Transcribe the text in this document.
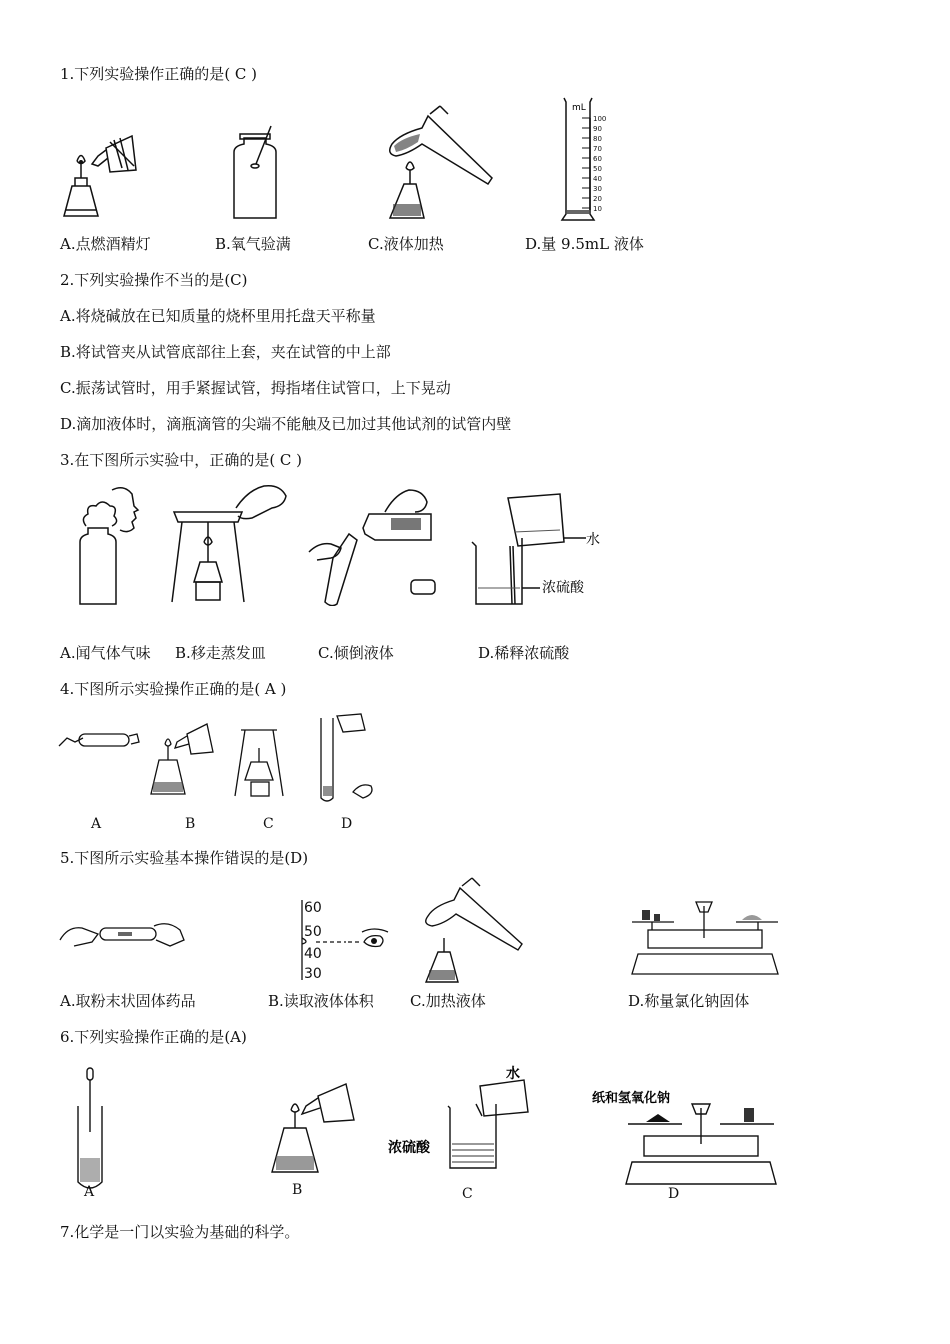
1.下列实验操作正确的是( C )
mL
100
90
80
70
60
50
40
30
20
10
A.点燃酒精灯	B.氧气验满	C.液体加热	D.量 9.5mL 液体
2.下列实验操作不当的是(C)
A.将烧碱放在已知质量的烧杯里用托盘天平称量
B.将试管夹从试管底部往上套，夹在试管的中上部
C.振荡试管时，用手紧握试管，拇指堵住试管口，上下晃动
D.滴加液体时，滴瓶滴管的尖端不能触及已加过其他试剂的试管内壁
3.在下图所示实验中，正确的是( C )
水
浓硫酸
A.闻气体气味 B.移走蒸发皿	C.倾倒液体	D.稀释浓硫酸
4.下图所示实验操作正确的是( A )
A	B	C	D
5.下图所示实验基本操作错误的是(D)
60
50
40
30
A.取粉末状固体药品	B.读取液体体积 C.加热液体	D.称量氯化钠固体
6.下列实验操作正确的是(A)
A	B
水
浓硫酸
C
纸和氢氧化钠
D
7.化学是一门以实验为基础的科学。
